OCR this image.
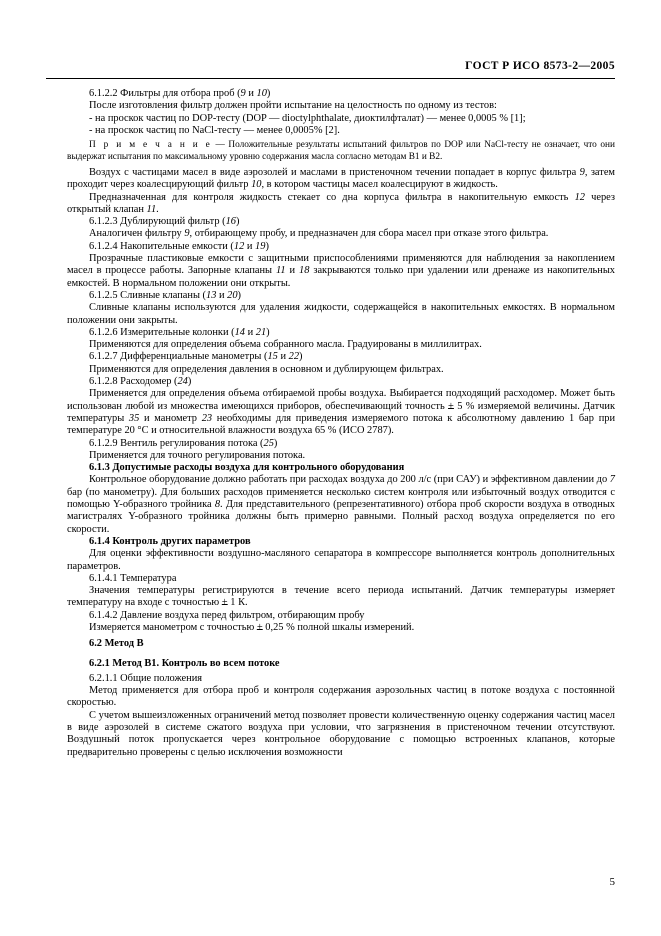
ГОСТ Р ИСО 8573-2—2005

6.1.2.2 Фильтры для отбора проб (9 и 10)

После изготовления фильтр должен пройти испытание на целостность по одному из тестов:

- на проскок частиц по DOP-тесту (DOP — dioctylphthalate, диоктилфталат) — менее 0,0005 % [1];

- на проскок частиц по NaCl-тесту — менее 0,0005% [2].

П р и м е ч а н и е — Положительные результаты испытаний фильтров по DOP или NaCl-тесту не означает, что они выдержат испытания по максимальному уровню содержания масла согласно методам В1 и В2.

Воздух с частицами масел в виде аэрозолей и маслами в пристеночном течении попадает в корпус фильтра 9, затем проходит через коалесцирующий фильтр 10, в котором частицы масел коалесцируют в жидкость.

Предназначенная для контроля жидкость стекает со дна корпуса фильтра в накопительную емкость 12 через открытый клапан 11.

6.1.2.3 Дублирующий фильтр (16)

Аналогичен фильтру 9, отбирающему пробу, и предназначен для сбора масел при отказе этого фильтра.

6.1.2.4 Накопительные емкости (12 и 19)

Прозрачные пластиковые емкости с защитными приспособлениями применяются для наблюдения за накоплением масел в процессе работы. Запорные клапаны 11 и 18 закрываются только при удалении или дренаже из накопительных емкостей. В нормальном положении они открыты.

6.1.2.5 Сливные клапаны (13 и 20)

Сливные клапаны используются для удаления жидкости, содержащейся в накопительных емкостях. В нормальном положении они закрыты.

6.1.2.6 Измерительные колонки (14 и 21)

Применяются для определения объема собранного масла. Градуированы в миллилитрах.

6.1.2.7 Дифференциальные манометры (15 и 22)

Применяются для определения давления в основном и дублирующем фильтрах.

6.1.2.8 Расходомер (24)

Применяется для определения объема отбираемой пробы воздуха. Выбирается подходящий расходомер. Может быть использован любой из множества имеющихся приборов, обеспечивающий точность + 5 % измеряемой величины. Датчик температуры 35 и манометр 23 необходимы для приведения измеряемого потока к абсолютному давлению 1 бар при температуре 20 °С и относительной влажности воздуха 65 % (ИСО 2787).

6.1.2.9 Вентиль регулирования потока (25)

Применяется для точного регулирования потока.

6.1.3 Допустимые расходы воздуха для контрольного оборудования

Контрольное оборудование должно работать при расходах воздуха до 200 л/с (при САУ) и эффективном давлении до 7 бар (по манометру). Для больших расходов применяется несколько систем контроля или избыточный воздух отводится с помощью Y-образного тройника 8. Для представительного (репрезентативного) отбора проб скорости воздуха в отводных магистралях Y-образного тройника должны быть примерно равными. Полный расход воздуха определяется по его скорости.

6.1.4 Контроль других параметров

Для оценки эффективности воздушно-масляного сепаратора в компрессоре выполняется контроль дополнительных параметров.

6.1.4.1 Температура

Значения температуры регистрируются в течение всего периода испытаний. Датчик температуры измеряет температуру на входе с точностью + 1 К.

6.1.4.2 Давление воздуха перед фильтром, отбирающим пробу

Измеряется манометром с точностью + 0,25 % полной шкалы измерений.

6.2 Метод В

6.2.1 Метод В1. Контроль во всем потоке

6.2.1.1 Общие положения

Метод применяется для отбора проб и контроля содержания аэрозольных частиц в потоке воздуха с постоянной скоростью.

С учетом вышеизложенных ограничений метод позволяет провести количественную оценку содержания частиц масел в виде аэрозолей в системе сжатого воздуха при условии, что загрязнения в пристеночном течении отсутствуют. Воздушный поток пропускается через контрольное оборудование с помощью встроенных клапанов, которые предварительно проверены с целью исключения возможности

5
